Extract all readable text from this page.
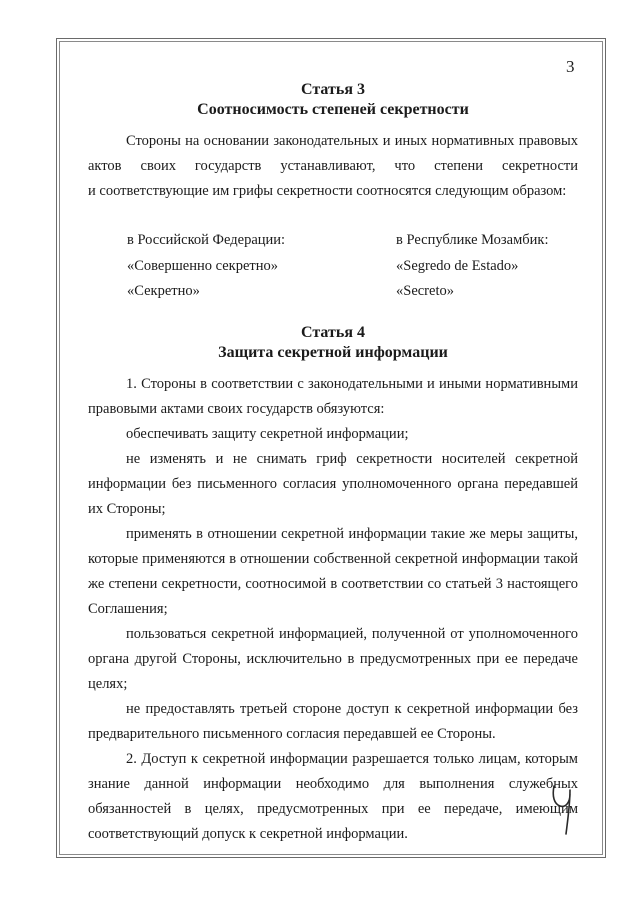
3
Статья 3
Соотносимость степеней секретности

Стороны на основании законодательных и иных нормативных правовых

актов своих государств устанавливают, что степени секретности

и соответствующие им грифы секретности соотносятся следующим образом:

в Российской Федерации:
«Совершенно секретно»
«Секретно»
в Республике Мозамбик:
«Segredo de Estado»
«Secreto»
Статья 4
Защита секретной информации

1. Стороны в соответствии с законодательными и иными нормативными правовыми актами своих государств обязуются:

обеспечивать защиту секретной информации;

не изменять и не снимать гриф секретности носителей секретной информации без письменного согласия уполномоченного органа передавшей их Стороны;

применять в отношении секретной информации такие же меры защиты, которые применяются в отношении собственной секретной информации такой же степени секретности, соотносимой в соответствии со статьей 3 настоящего Соглашения;

пользоваться секретной информацией, полученной от уполномоченного органа другой Стороны, исключительно в предусмотренных при ее передаче целях;

не предоставлять третьей стороне доступ к секретной информации без предварительного письменного согласия передавшей ее Стороны.

2. Доступ к секретной информации разрешается только лицам, которым знание данной информации необходимо для выполнения служебных обязанностей в целях, предусмотренных при ее передаче, имеющим соответствующий допуск к секретной информации.
